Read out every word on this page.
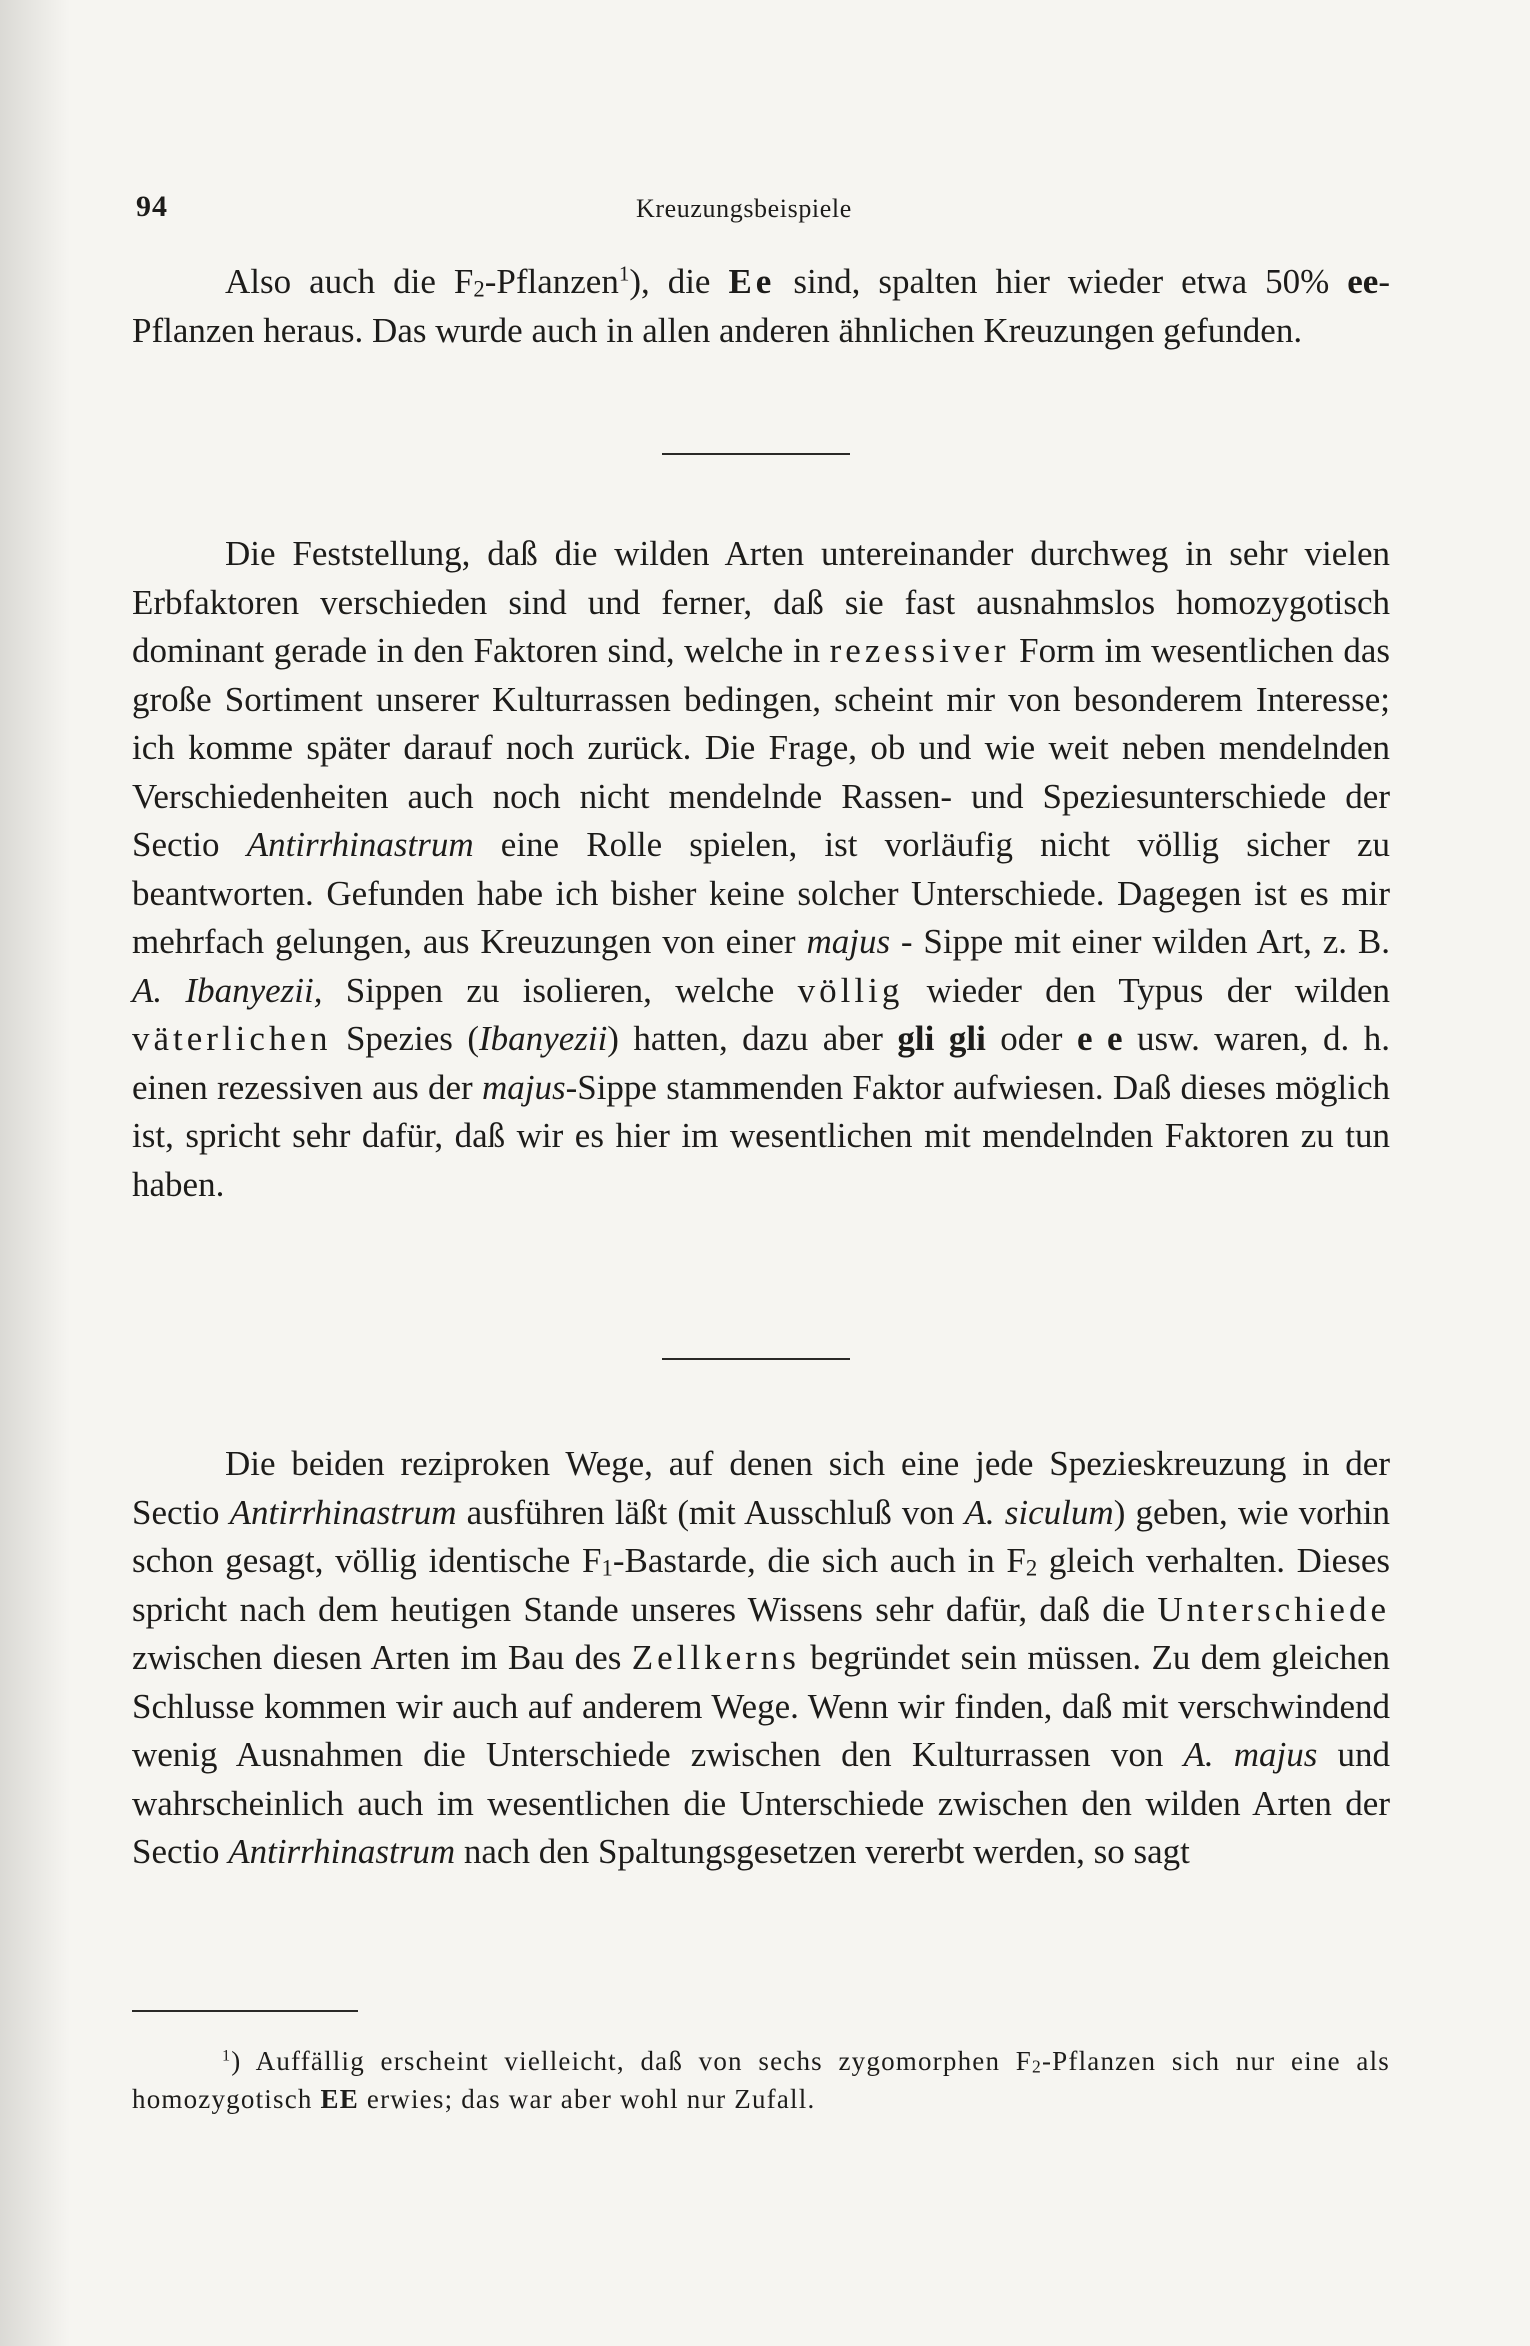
94	Kreuzungsbeispiele

Also auch die $F_2-Pflanzen^1$), die Ee sind, spalten hier wieder etwa 50% ee-Pflanzen heraus. Das wurde auch in allen anderen ähnlichen Kreuzungen gefunden.

Die Feststellung, daß die wilden Arten untereinander durchweg in sehr vielen Erbfaktoren verschieden sind und ferner, daß sie fast ausnahmslos homozygotisch dominant gerade in den Faktoren sind, welche in rezessiver Form im wesentlichen das große Sortiment unserer Kulturrassen bedingen, scheint mir von besonderem Interesse; ich komme später darauf noch zurück. Die Frage, ob und wie weit neben mendelnden Verschiedenheiten auch noch nicht mendelnde Rassen- und Speziesunterschiede der Sectio Antirrhinastrum eine Rolle spielen, ist vorläufig nicht völlig sicher zu beantworten. Gefunden habe ich bisher keine solcher Unterschiede. Dagegen ist es mir mehrfach gelungen, aus Kreuzungen von einer majus - Sippe mit einer wilden Art, z. B. A. Ibanyezii, Sippen zu isolieren, welche völlig wieder den Typus der wilden väterlichen Spezies (Ibanyezii) hatten, dazu aber gli gli oder e e usw. waren, d. h. einen rezessiven aus der majus-Sippe stammenden Faktor aufwiesen. Daß dieses möglich ist, spricht sehr dafür, daß wir es hier im wesentlichen mit mendelnden Faktoren zu tun haben.

Die beiden reziproken Wege, auf denen sich eine jede Spezieskreuzung in der Sectio Antirrhinastrum ausführen läßt (mit Ausschluß von A. siculum) geben, wie vorhin schon gesagt, völlig identische $F_1$-Bastarde, die sich auch in $F_2$ gleich verhalten. Dieses spricht nach dem heutigen Stande unseres Wissens sehr dafür, daß die Unterschiede zwischen diesen Arten im Bau des Zellkerns begründet sein müssen. Zu dem gleichen Schlusse kommen wir auch auf anderem Wege. Wenn wir finden, daß mit verschwindend wenig Ausnahmen die Unterschiede zwischen den Kulturrassen von A. majus und wahrscheinlich auch im wesentlichen die Unterschiede zwischen den wilden Arten der Sectio Antirrhinastrum nach den Spaltungsgesetzen vererbt werden, so sagt

$^1$) Auffällig erscheint vielleicht, daß von sechs zygomorphen $F_2$-Pflanzen sich nur eine als homozygotisch EE erwies; das war aber wohl nur Zufall.
